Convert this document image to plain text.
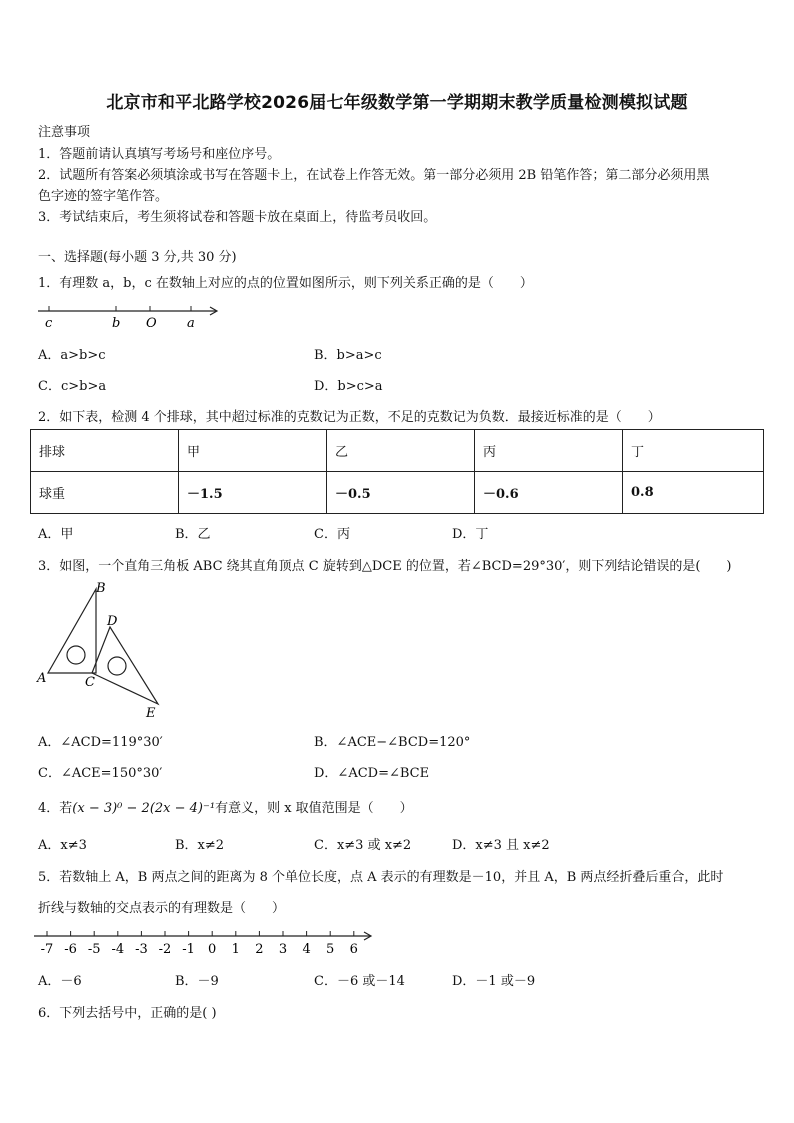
北京市和平北路学校2026届七年级数学第一学期期末教学质量检测模拟试题
注意事项
1．答题前请认真填写考场号和座位序号。
2．试题所有答案必须填涂或书写在答题卡上，在试卷上作答无效。第一部分必须用 2B 铅笔作答；第二部分必须用黑
色字迹的签字笔作答。
3．考试结束后，考生须将试卷和答题卡放在桌面上，待监考员收回。
一、选择题(每小题 3 分,共 30 分)
1．有理数 a，b，c 在数轴上对应的点的位置如图所示，则下列关系正确的是（　　）
c	b O a
A．a>b>c	B．b>a>c
C．c>b>a	D．b>c>a
2．如下表，检测 4 个排球，其中超过标准的克数记为正数，不足的克数记为负数．最接近标准的是（　　）
排球	甲	乙	丙	丁
球重	－1.5	－0.5	－0.6	0.8
A．甲	B．乙	C．丙	D．丁
3．如图，一个直角三角板 ABC 绕其直角顶点 C 旋转到△DCE 的位置，若∠BCD=29°30′，则下列结论错误的是(　　)
B
D
A	C
E
A．∠ACD=119°30′	B．∠ACE−∠BCD=120°
C．∠ACE=150°30′	D．∠ACD=∠BCE
4．若(x − 3)⁰ − 2(2x − 4)⁻¹有意义，则 x 取值范围是（　　）
A．x≠3	B．x≠2	C．x≠3 或 x≠2	D．x≠3 且 x≠2
5．若数轴上 A，B 两点之间的距离为 8 个单位长度，点 A 表示的有理数是－10，并且 A，B 两点经折叠后重合，此时
折线与数轴的交点表示的有理数是（　　）
-7 -6 -5 -4 -3 -2 -1 0 1 2 3 4 5 6
A．－6	B．－9	C．－6 或－14	D．－1 或－9
6．下列去括号中，正确的是( )
